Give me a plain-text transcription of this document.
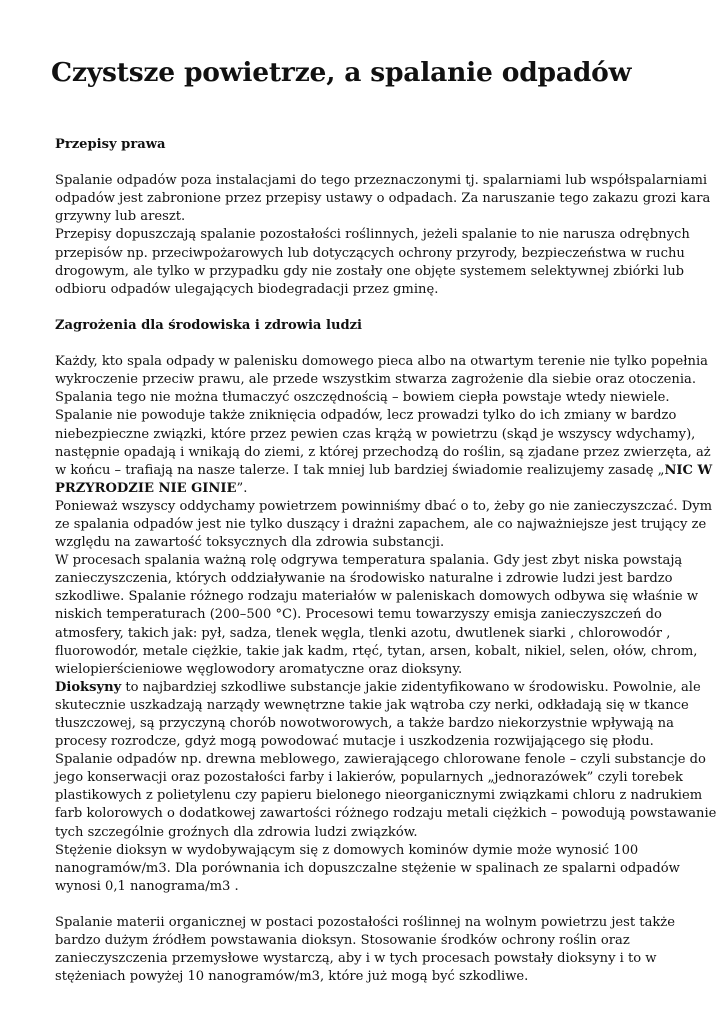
Czystsze powietrze, a spalanie odpadów
Przepisy prawa
Spalanie odpadów poza instalacjami do tego przeznaczonymi tj. spalarniami lub współspalarniami
odpadów jest zabronione przez przepisy ustawy o odpadach. Za naruszanie tego zakazu grozi kara
grzywny lub areszt.
Przepisy dopuszczają spalanie pozostałości roślinnych, jeżeli spalanie to nie narusza odrębnych
przepisów np. przeciwpożarowych lub dotyczących ochrony przyrody, bezpieczeństwa w ruchu
drogowym, ale tylko w przypadku gdy nie zostały one objęte systemem selektywnej zbiórki lub
odbioru odpadów ulegających biodegradacji przez gminę.
Zagrożenia dla środowiska i zdrowia ludzi
Każdy, kto spala odpady w palenisku domowego pieca albo na otwartym terenie nie tylko popełnia
wykroczenie przeciw prawu, ale przede wszystkim stwarza zagrożenie dla siebie oraz otoczenia.
Spalania tego nie można tłumaczyć oszczędnością – bowiem ciepła powstaje wtedy niewiele.
Spalanie nie powoduje także zniknięcia odpadów, lecz prowadzi tylko do ich zmiany w bardzo
niebezpieczne związki, które przez pewien czas krążą w powietrzu (skąd je wszyscy wdychamy),
następnie opadają i wnikają do ziemi, z której przechodzą do roślin, są zjadane przez zwierzęta, aż
w końcu – trafiają na nasze talerze. I tak mniej lub bardziej świadomie realizujemy zasadę „NIC W
PRZYRODZIE NIE GINIE”.
Ponieważ wszyscy oddychamy powietrzem powinniśmy dbać o to, żeby go nie zanieczyszczać. Dym
ze spalania odpadów jest nie tylko duszący i drażni zapachem, ale co najważniejsze jest trujący ze
względu na zawartość toksycznych dla zdrowia substancji.
W procesach spalania ważną rolę odgrywa temperatura spalania. Gdy jest zbyt niska powstają
zanieczyszczenia, których oddziaływanie na środowisko naturalne i zdrowie ludzi jest bardzo
szkodliwe. Spalanie różnego rodzaju materiałów w paleniskach domowych odbywa się właśnie w
niskich temperaturach (200–500 °C). Procesowi temu towarzyszy emisja zanieczyszczeń do
atmosfery, takich jak: pył, sadza, tlenek węgla, tlenki azotu, dwutlenek siarki , chlorowodór ,
fluorowodór, metale ciężkie, takie jak kadm, rtęć, tytan, arsen, kobalt, nikiel, selen, ołów, chrom,
wielopierścieniowe węglowodory aromatyczne oraz dioksyny.
Dioksyny to najbardziej szkodliwe substancje jakie zidentyfikowano w środowisku. Powolnie, ale
skutecznie uszkadzają narządy wewnętrzne takie jak wątroba czy nerki, odkładają się w tkance
tłuszczowej, są przyczyną chorób nowotworowych, a także bardzo niekorzystnie wpływają na
procesy rozrodcze, gdyż mogą powodować mutacje i uszkodzenia rozwijającego się płodu.
Spalanie odpadów np. drewna meblowego, zawierającego chlorowane fenole – czyli substancje do
jego konserwacji oraz pozostałości farby i lakierów, popularnych „jednorazówek” czyli torebek
plastikowych z polietylenu czy papieru bielonego nieorganicznymi związkami chloru z nadrukiem
farb kolorowych o dodatkowej zawartości różnego rodzaju metali ciężkich – powodują powstawanie
tych szczególnie groźnych dla zdrowia ludzi związków.
Stężenie dioksyn w wydobywającym się z domowych kominów dymie może wynosić 100
nanogramów/m3. Dla porównania ich dopuszczalne stężenie w spalinach ze spalarni odpadów
wynosi 0,1 nanograma/m3 .
Spalanie materii organicznej w postaci pozostałości roślinnej na wolnym powietrzu jest także
bardzo dużym źródłem powstawania dioksyn. Stosowanie środków ochrony roślin oraz
zanieczyszczenia przemysłowe wystarczą, aby i w tych procesach powstały dioksyny i to w
stężeniach powyżej 10 nanogramów/m3, które już mogą być szkodliwe.
